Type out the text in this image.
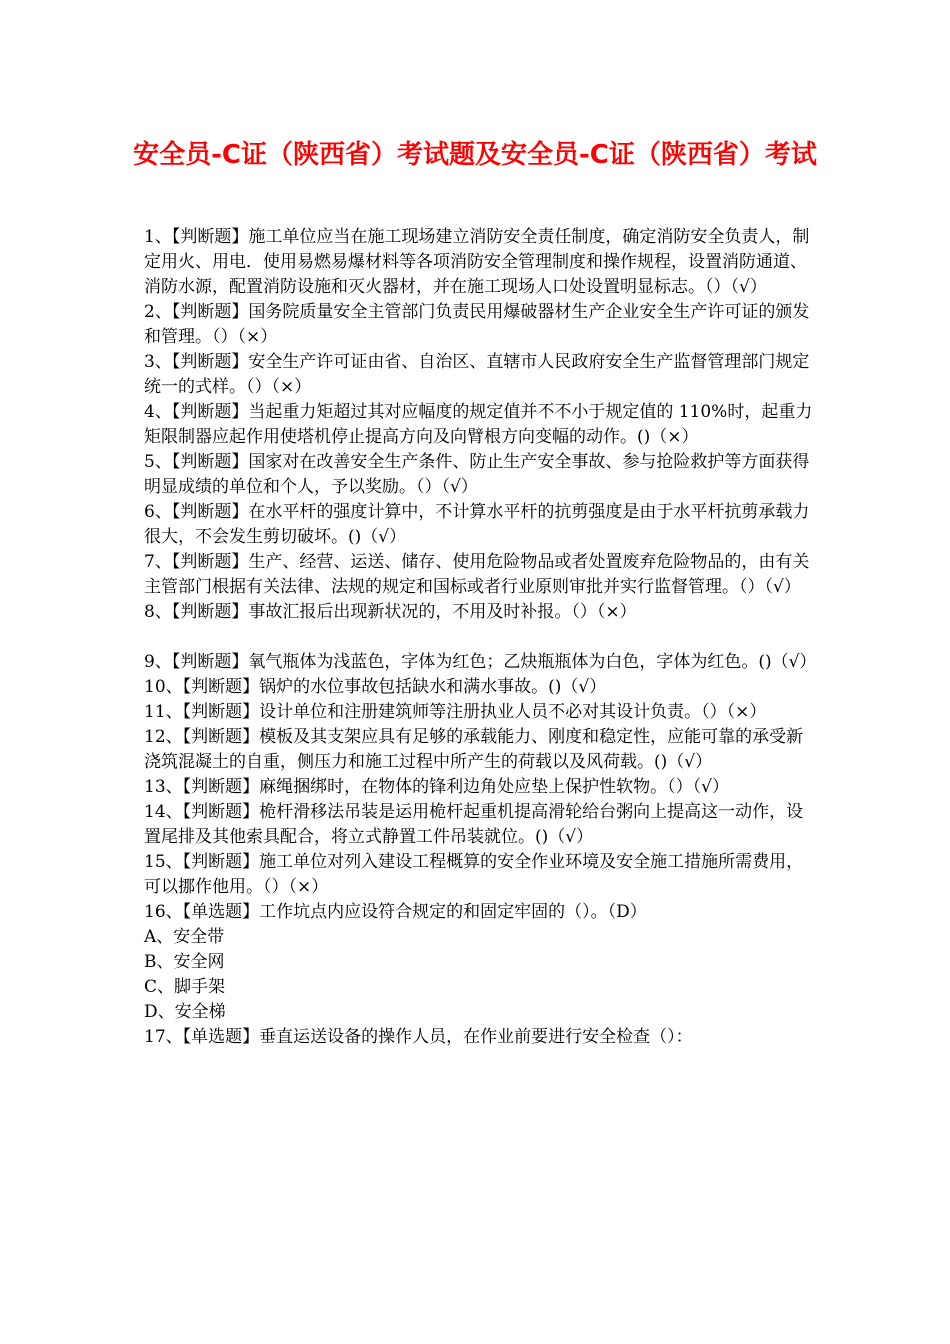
安全员-C证（陕西省）考试题及安全员-C证（陕西省）考试

1、【判断题】施工单位应当在施工现场建立消防安全责任制度，确定消防安全负责人，制定用火、用电．使用易燃易爆材料等各项消防安全管理制度和操作规程，设置消防通道、消防水源，配置消防设施和灭火器材，并在施工现场人口处设置明显标志。（）（√）

2、【判断题】国务院质量安全主管部门负责民用爆破器材生产企业安全生产许可证的颁发和管理。（）（×）

3、【判断题】安全生产许可证由省、自治区、直辖市人民政府安全生产监督管理部门规定统一的式样。（）（×）

4、【判断题】当起重力矩超过其对应幅度的规定值并不不小于规定值的 110%时，起重力矩限制器应起作用使塔机停止提高方向及向臂根方向变幅的动作。()（×）

5、【判断题】国家对在改善安全生产条件、防止生产安全事故、参与抢险救护等方面获得明显成绩的单位和个人，予以奖励。（）（√）

6、【判断题】在水平杆的强度计算中，不计算水平杆的抗剪强度是由于水平杆抗剪承载力很大，不会发生剪切破坏。()（√）

7、【判断题】生产、经营、运送、储存、使用危险物品或者处置废弃危险物品的，由有关主管部门根据有关法律、法规的规定和国标或者行业原则审批并实行监督管理。（）（√）

8、【判断题】事故汇报后出现新状况的，不用及时补报。（）（×）

9、【判断题】氧气瓶体为浅蓝色，字体为红色；乙炔瓶瓶体为白色，字体为红色。()（√）

10、【判断题】锅炉的水位事故包括缺水和满水事故。()（√）

11、【判断题】设计单位和注册建筑师等注册执业人员不必对其设计负责。（）（×）

12、【判断题】模板及其支架应具有足够的承载能力、刚度和稳定性，应能可靠的承受新浇筑混凝土的自重，侧压力和施工过程中所产生的荷载以及风荷载。()（√）

13、【判断题】麻绳捆绑时，在物体的锋利边角处应垫上保护性软物。（）（√）

14、【判断题】桅杆滑移法吊装是运用桅杆起重机提高滑轮给台粥向上提高这一动作，设置尾排及其他索具配合，将立式静置工件吊装就位。()（√）

15、【判断题】施工单位对列入建设工程概算的安全作业环境及安全施工措施所需费用，可以挪作他用。（）（×）

16、【单选题】工作坑点内应设符合规定的和固定牢固的（）。（D）

A、安全带

B、安全网

C、脚手架

D、安全梯

17、【单选题】垂直运送设备的操作人员，在作业前要进行安全检查（）：
